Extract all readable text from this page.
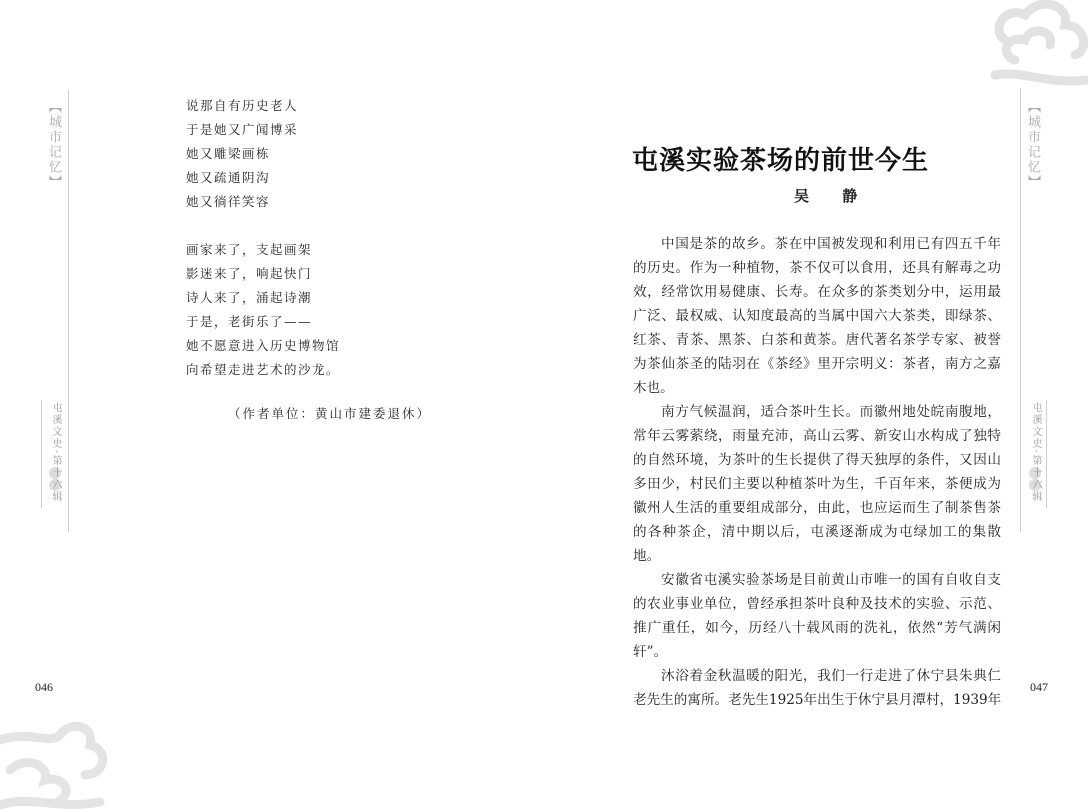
【城市记忆】
屯溪文史·第十六辑
说那自有历史老人
于是她又广闻博采
她又雕梁画栋
她又疏通阴沟
她又徜徉笑容
画家来了，支起画架
影迷来了，响起快门
诗人来了，涌起诗潮
于是，老街乐了——
她不愿意进入历史博物馆
向希望走进艺术的沙龙。
（作者单位：黄山市建委退休）
046
【城市记忆】
屯溪文史·第十六辑
屯溪实验茶场的前世今生
吴 静
中国是茶的故乡。茶在中国被发现和利用已有四五千年
的历史。作为一种植物，茶不仅可以食用，还具有解毒之功
效，经常饮用易健康、长寿。在众多的茶类划分中，运用最
广泛、最权威、认知度最高的当属中国六大茶类，即绿茶、
红茶、青茶、黑茶、白茶和黄茶。唐代著名茶学专家、被誉
为茶仙茶圣的陆羽在《茶经》里开宗明义：茶者，南方之嘉
木也。
南方气候温润，适合茶叶生长。而徽州地处皖南腹地，
常年云雾萦绕，雨量充沛，高山云雾、新安山水构成了独特
的自然环境，为茶叶的生长提供了得天独厚的条件，又因山
多田少，村民们主要以种植茶叶为生，千百年来，茶便成为
徽州人生活的重要组成部分，由此，也应运而生了制茶售茶
的各种茶企，清中期以后，屯溪逐渐成为屯绿加工的集散
地。
安徽省屯溪实验茶场是目前黄山市唯一的国有自收自支
的农业事业单位，曾经承担茶叶良种及技术的实验、示范、
推广重任，如今，历经八十载风雨的洗礼，依然“芳气满闲
轩”。
沐浴着金秋温暖的阳光，我们一行走进了休宁县朱典仁
老先生的寓所。老先生1925年出生于休宁县月潭村，1939年
047
